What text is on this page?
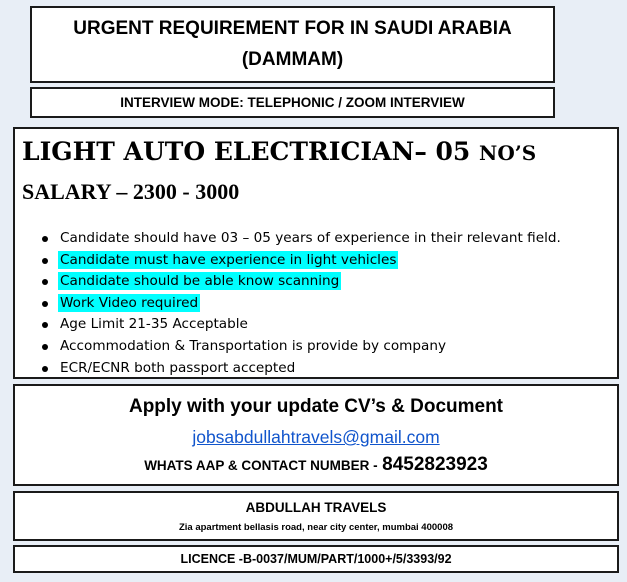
URGENT REQUIREMENT FOR IN SAUDI ARABIA
(DAMMAM)
INTERVIEW MODE: TELEPHONIC / ZOOM INTERVIEW
LIGHT AUTO ELECTRICIAN– 05 NO’S
SALARY – 2300 - 3000
Candidate should have 03 – 05 years of experience in their relevant field.
Candidate must have experience in light vehicles
Candidate should be able know scanning
Work Video required
Age Limit 21-35 Acceptable
Accommodation & Transportation is provide by company
ECR/ECNR both passport accepted
Apply with your update CV’s & Document
jobsabdullahtravels@gmail.com
WHATS AAP & CONTACT NUMBER - 8452823923
ABDULLAH TRAVELS
Zia apartment bellasis road, near city center, mumbai 400008
LICENCE -B-0037/MUM/PART/1000+/5/3393/92
